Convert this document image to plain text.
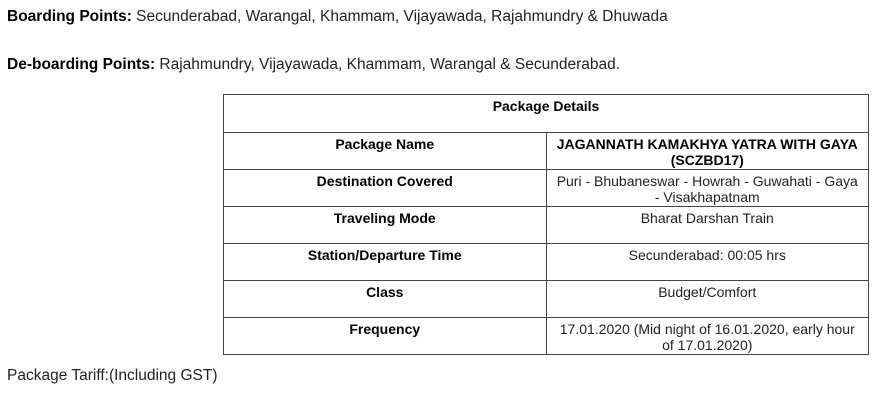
Boarding Points: Secunderabad, Warangal, Khammam, Vijayawada, Rajahmundry & Dhuwada
De-boarding Points: Rajahmundry, Vijayawada, Khammam, Warangal & Secunderabad.
Package Details	
Package Name	JAGANNATH KAMAKHYA YATRA WITH GAYA (SCZBD17)
Destination Covered	Puri - Bhubaneswar - Howrah - Guwahati - Gaya - Visakhapatnam
Traveling Mode	Bharat Darshan Train
Station/Departure Time	Secunderabad: 00:05 hrs
Class	Budget/Comfort
Frequency	17.01.2020 (Mid night of 16.01.2020, early hour of 17.01.2020)
Package Tariff:(Including GST)
